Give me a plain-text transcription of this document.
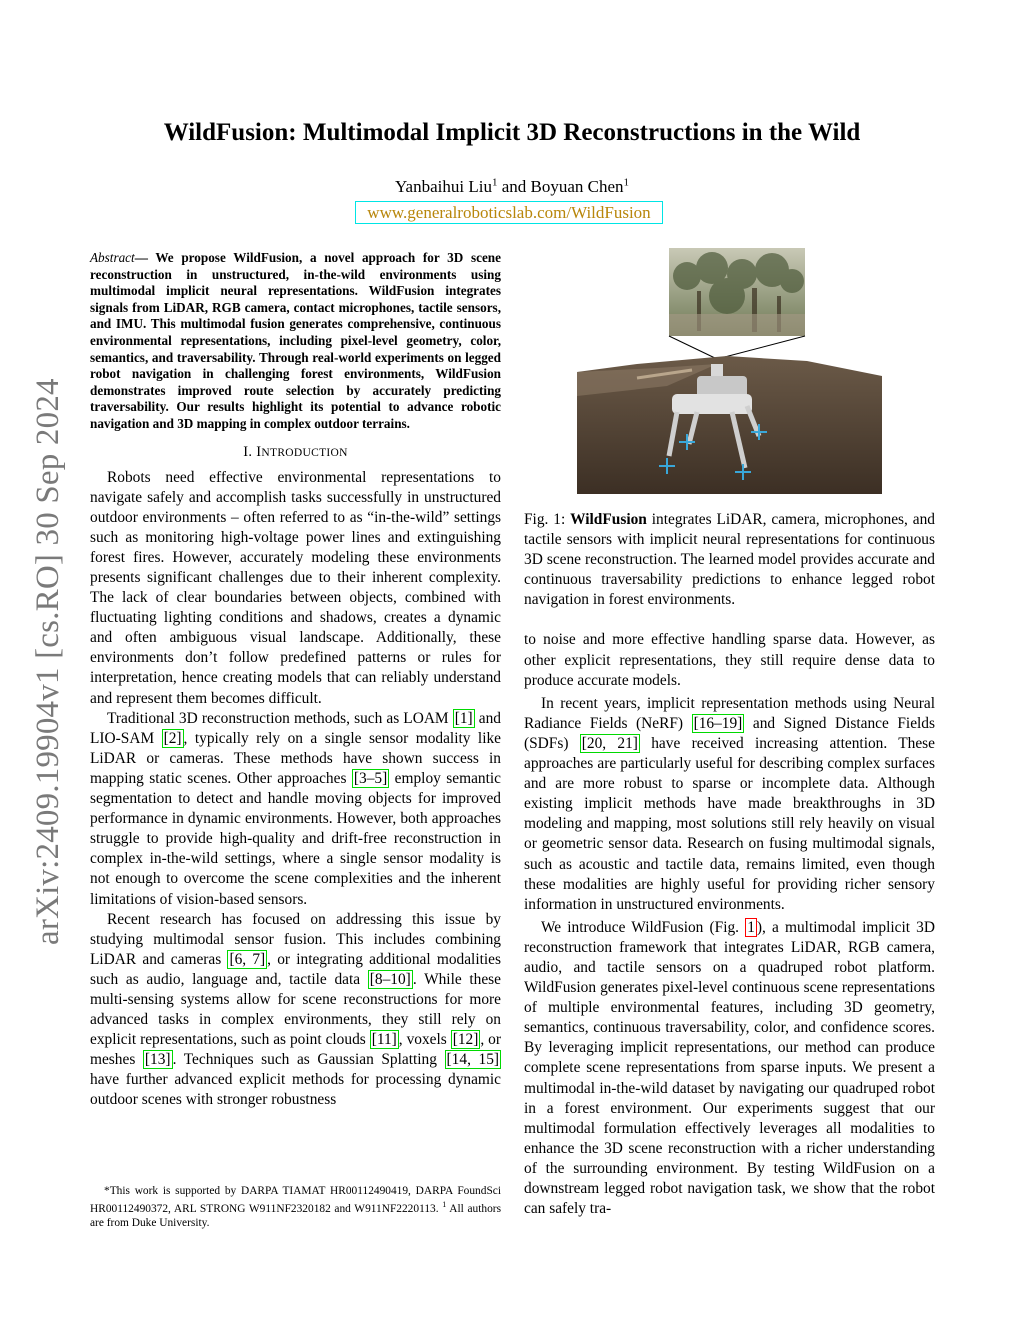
arXiv:2409.19904v1 [cs.RO] 30 Sep 2024
WildFusion: Multimodal Implicit 3D Reconstructions in the Wild
Yanbaihui Liu$^1$ and Boyuan Chen$^1$
www.generalroboticslab.com/WildFusion

Abstract— We propose WildFusion, a novel approach for 3D scene reconstruction in unstructured, in-the-wild environments using multimodal implicit neural representations. WildFusion integrates signals from LiDAR, RGB camera, contact microphones, tactile sensors, and IMU. This multimodal fusion generates comprehensive, continuous environmental representations, including pixel-level geometry, color, semantics, and traversability. Through real-world experiments on legged robot navigation in challenging forest environments, WildFusion demonstrates improved route selection by accurately predicting traversability. Our results highlight its potential to advance robotic navigation and 3D mapping in complex outdoor terrains.

I. INTRODUCTION

Robots need effective environmental representations to navigate safely and accomplish tasks successfully in unstructured outdoor environments – often referred to as “in-the-wild” settings such as monitoring high-voltage power lines and extinguishing forest fires. However, accurately modeling these environments presents significant challenges due to their inherent complexity. The lack of clear boundaries between objects, combined with fluctuating lighting conditions and shadows, creates a dynamic and often ambiguous visual landscape. Additionally, these environments don’t follow predefined patterns or rules for interpretation, hence creating models that can reliably understand and represent them becomes difficult.

Traditional 3D reconstruction methods, such as LOAM [1] and LIO-SAM [2] , typically rely on a single sensor modality like LiDAR or cameras. These methods have shown success in mapping static scenes. Other approaches [3–5] employ semantic segmentation to detect and handle moving objects for improved performance in dynamic environments. However, both approaches struggle to provide high-quality and drift-free reconstruction in complex in-the-wild settings, where a single sensor modality is not enough to overcome the scene complexities and the inherent limitations of vision-based sensors.

Recent research has focused on addressing this issue by studying multimodal sensor fusion. This includes combining LiDAR and cameras [6, 7] , or integrating additional modalities such as audio, language and, tactile data [8–10] . While these multi-sensing systems allow for scene reconstructions for more advanced tasks in complex environments, they still rely on explicit representations, such as point clouds [11] , voxels [12] , or meshes [13] . Techniques such as Gaussian Splatting [14, 15] have further advanced explicit methods for processing dynamic outdoor scenes with stronger robustness

*This work is supported by DARPA TIAMAT HR00112490419, DARPA FoundSci HR00112490372, ARL STRONG W911NF2320182 and W911NF2220113. $^1$ All authors are from Duke University.

Fig. 1: WildFusion integrates LiDAR, camera, microphones, and tactile sensors with implicit neural representations for continuous 3D scene reconstruction. The learned model provides accurate and continuous traversability predictions to enhance legged robot navigation in forest environments.

to noise and more effective handling sparse data. However, as other explicit representations, they still require dense data to produce accurate models.

In recent years, implicit representation methods using Neural Radiance Fields (NeRF) [16–19] and Signed Distance Fields (SDFs) [20, 21] have received increasing attention. These approaches are particularly useful for describing complex surfaces and are more robust to sparse or incomplete data. Although existing implicit methods have made breakthroughs in 3D modeling and mapping, most solutions still rely heavily on visual or geometric sensor data. Research on fusing multimodal signals, such as acoustic and tactile data, remains limited, even though these modalities are highly useful for providing richer sensory information in unstructured environments.

We introduce WildFusion (Fig. 1 ), a multimodal implicit 3D reconstruction framework that integrates LiDAR, RGB camera, audio, and tactile sensors on a quadruped robot platform. WildFusion generates pixel-level continuous scene representations of multiple environmental features, including 3D geometry, semantics, continuous traversability, color, and confidence scores. By leveraging implicit representations, our method can produce complete scene representations from sparse inputs. We present a multimodal in-the-wild dataset by navigating our quadruped robot in a forest environment. Our experiments suggest that our multimodal formulation effectively leverages all modalities to enhance the 3D scene reconstruction with a richer understanding of the surrounding environment. By testing WildFusion on a downstream legged robot navigation task, we show that the robot can safely tra-
